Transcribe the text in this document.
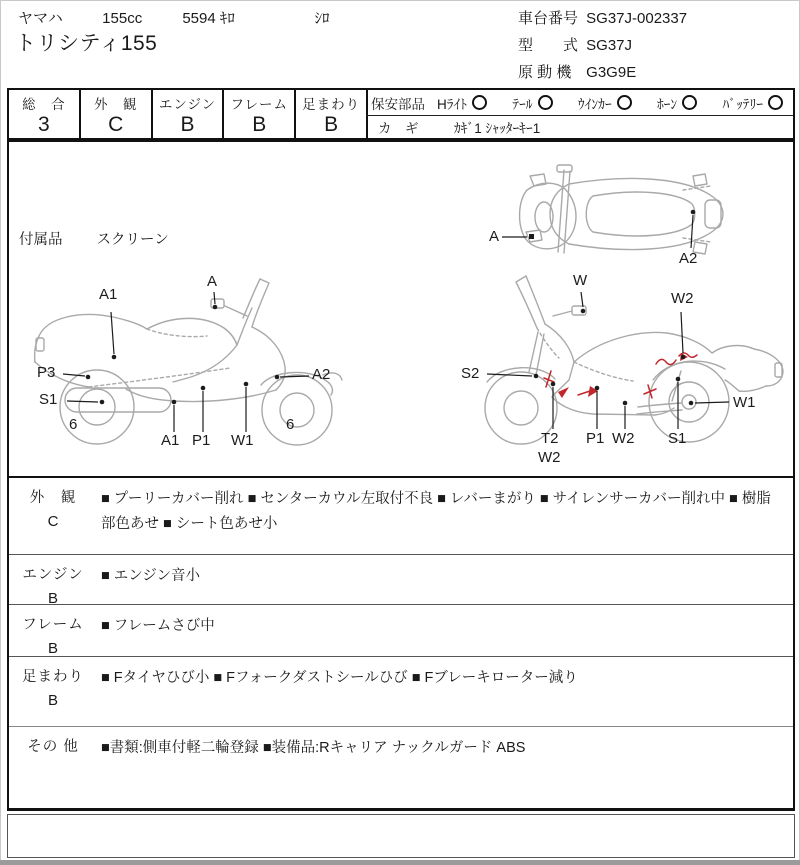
ヤマハ	155cc	5594 ｷﾛ	ｼﾛ
トリシティ155
車台番号 SG37J-002337
型　　式 SG37J
原 動 機 G3G9E
総　合
3
外　観
C
エンジン
B
フレーム
B
足まわり
B
保安部品 Hﾗｲﾄ	ﾃｰﾙ	ｳｲﾝｶｰ	ﾎｰﾝ	ﾊﾞｯﾃﾘｰ
カ　ギ	ｶｷﾞ1 ｼｬｯﾀｰｷｰ1
付属品 スクリーン	A
A2
A1
A
P3
S1
6
A1 P1 W1
A2
6
W
W2
S2
T2
W2
P1 W2 S1
W1
外　観
C
■ プーリーカバー削れ ■ センターカウル左取付不良 ■ レバーまがり ■ サイレンサーカバー削れ中 ■ 樹脂部色あせ ■ シート色あせ小
エンジン
B
■ エンジン音小
フレーム
B
■ フレームさび中
足まわり
B
■ Fタイヤひび小 ■ Fフォークダストシールひび ■ Fブレーキローター減り
その 他	■書類:側車付軽二輪登録 ■装備品:Rキャリア ナックルガード ABS
